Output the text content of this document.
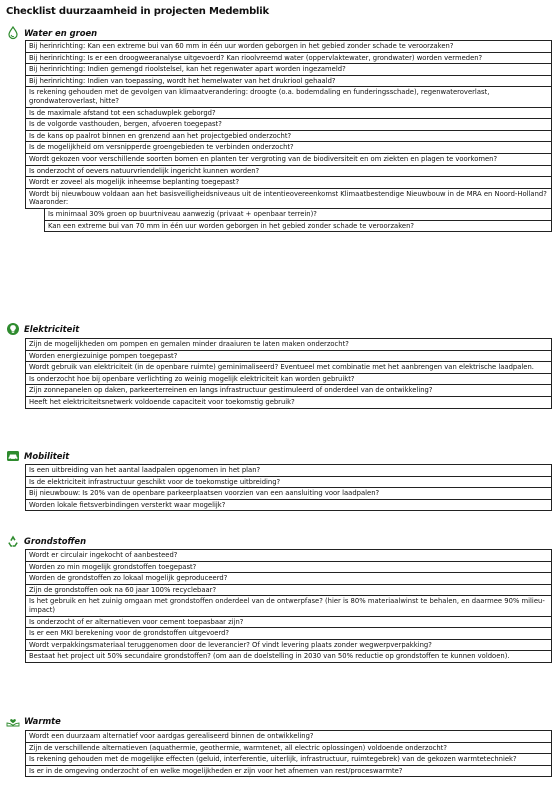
Checklist duurzaamheid in projecten Medemblik
Water en groen
Bij herinrichting: Kan een extreme bui van 60 mm in één uur worden geborgen in het gebied zonder schade te veroorzaken?
Bij herinrichting: Is er een droogweeranalyse uitgevoerd? Kan rioolvreemd water (oppervlaktewater, grondwater) worden vermeden?
Bij herinrichting: Indien gemengd rioolstelsel, kan het regenwater apart worden ingezameld?
Bij herinrichting: Indien van toepassing, wordt het hemelwater van het drukriool gehaald?
Is rekening gehouden met de gevolgen van klimaatverandering: droogte (o.a. bodemdaling en funderingsschade), regenwateroverlast, grondwateroverlast, hitte?
Is de maximale afstand tot een schaduwplek geborgd?
Is de volgorde vasthouden, bergen, afvoeren toegepast?
Is de kans op paalrot binnen en grenzend aan het projectgebied onderzocht?
Is de mogelijkheid om versnipperde groengebieden te verbinden onderzocht?
Wordt gekozen voor verschillende soorten bomen en planten ter vergroting van de biodiversiteit en om ziekten en plagen te voorkomen?
Is onderzocht of oevers natuurvriendelijk ingericht kunnen worden?
Wordt er zoveel als mogelijk inheemse beplanting toegepast?
Wordt bij nieuwbouw voldaan aan het basisveiligheidsniveaus uit de intentieovereenkomst Klimaatbestendige Nieuwbouw in de MRA en Noord-Holland? Waaronder:
Is minimaal 30% groen op buurtniveau aanwezig (privaat + openbaar terrein)?
Kan een extreme bui van 70 mm in één uur worden geborgen in het gebied zonder schade te veroorzaken?
Elektriciteit
Zijn de mogelijkheden om pompen en gemalen minder draaiuren te laten maken onderzocht?
Worden energiezuinige pompen toegepast?
Wordt gebruik van elektriciteit (in de openbare ruimte) geminimaliseerd? Eventueel met combinatie met het aanbrengen van elektrische laadpalen.
Is onderzocht hoe bij openbare verlichting zo weinig mogelijk elektriciteit kan worden gebruikt?
Zijn zonnepanelen op daken, parkeerterreinen en langs infrastructuur gestimuleerd of onderdeel van de ontwikkeling?
Heeft het elektriciteitsnetwerk voldoende capaciteit voor toekomstig gebruik?
Mobiliteit
Is een uitbreiding van het aantal laadpalen opgenomen in het plan?
Is de elektriciteit infrastructuur geschikt voor de toekomstige uitbreiding?
Bij nieuwbouw: Is 20% van de openbare parkeerplaatsen voorzien van een aansluiting voor laadpalen?
Worden lokale fietsverbindingen versterkt waar mogelijk?
Grondstoffen
Wordt er circulair ingekocht of aanbesteed?
Worden zo min mogelijk grondstoffen toegepast?
Worden de grondstoffen zo lokaal mogelijk geproduceerd?
Zijn de grondstoffen ook na 60 jaar 100% recyclebaar?
Is het gebruik en het zuinig omgaan met grondstoffen onderdeel van de ontwerpfase? (hier is 80% materiaalwinst te behalen, en daarmee 90% milieu-impact)
Is onderzocht of er alternatieven voor cement toepasbaar zijn?
Is er een MKI berekening voor de grondstoffen uitgevoerd?
Wordt verpakkingsmateriaal teruggenomen door de leverancier? Of vindt levering plaats zonder wegwerpverpakking?
Bestaat het project uit 50% secundaire grondstoffen? (om aan de doelstelling in 2030 van 50% reductie op grondstoffen te kunnen voldoen).
Warmte
Wordt een duurzaam alternatief voor aardgas gerealiseerd binnen de ontwikkeling?
Zijn de verschillende alternatieven (aquathermie, geothermie, warmtenet, all electric oplossingen) voldoende onderzocht?
Is rekening gehouden met de mogelijke effecten (geluid, interferentie, uiterlijk, infrastructuur, ruimtegebrek) van de gekozen warmtetechniek?
Is er in de omgeving onderzocht of en welke mogelijkheden er zijn voor het afnemen van rest/proceswarmte?
